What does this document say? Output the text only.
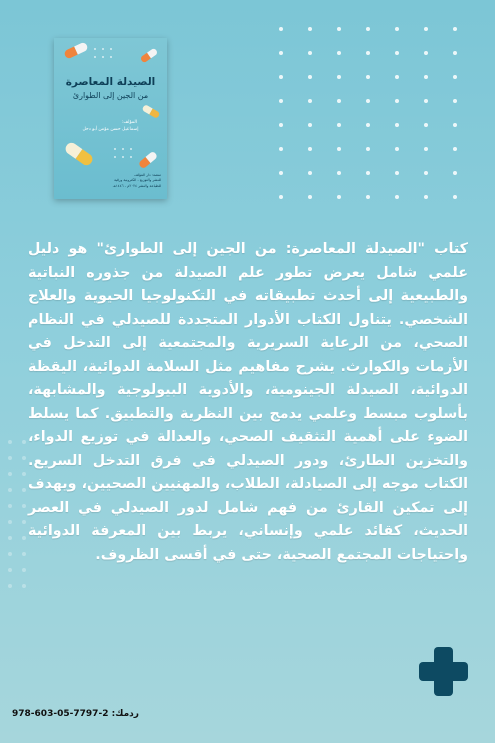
الصيدلة المعاصرة
من الجين إلى الطوارئ
المؤلف:
إسماعيل حسن مؤمن أبو دحل
منصة: دار المؤلف
للنشر والتوزيع - الكترونية ورقية
للطباعة والنشر ٢٠٢٤م - ١٤٤٦هـ
كتاب "الصيدلة المعاصرة: من الجين إلى الطوارئ" هو دليل علمي شامل يعرض تطور علم الصيدلة من جذوره النباتية والطبيعية إلى أحدث تطبيقاته في التكنولوجيا الحيوية والعلاج الشخصي. يتناول الكتاب الأدوار المتجددة للصيدلي في النظام الصحي، من الرعاية السريرية والمجتمعية إلى التدخل في الأزمات والكوارث. يشرح مفاهيم مثل السلامة الدوائية، اليقظة الدوائية، الصيدلة الجينومية، والأدوية البيولوجية والمشابهة، بأسلوب مبسط وعلمي يدمج بين النظرية والتطبيق. كما يسلط الضوء على أهمية التثقيف الصحي، والعدالة في توزيع الدواء، والتخزين الطارئ، ودور الصيدلي في فرق التدخل السريع. الكتاب موجه إلى الصيادلة، الطلاب، والمهنيين الصحيين، ويهدف إلى تمكين القارئ من فهم شامل لدور الصيدلي في العصر الحديث، كقائد علمي وإنساني، يربط بين المعرفة الدوائية واحتياجات المجتمع الصحية، حتى في أقسى الظروف.
ردمك: 2-7797-05-603-978
